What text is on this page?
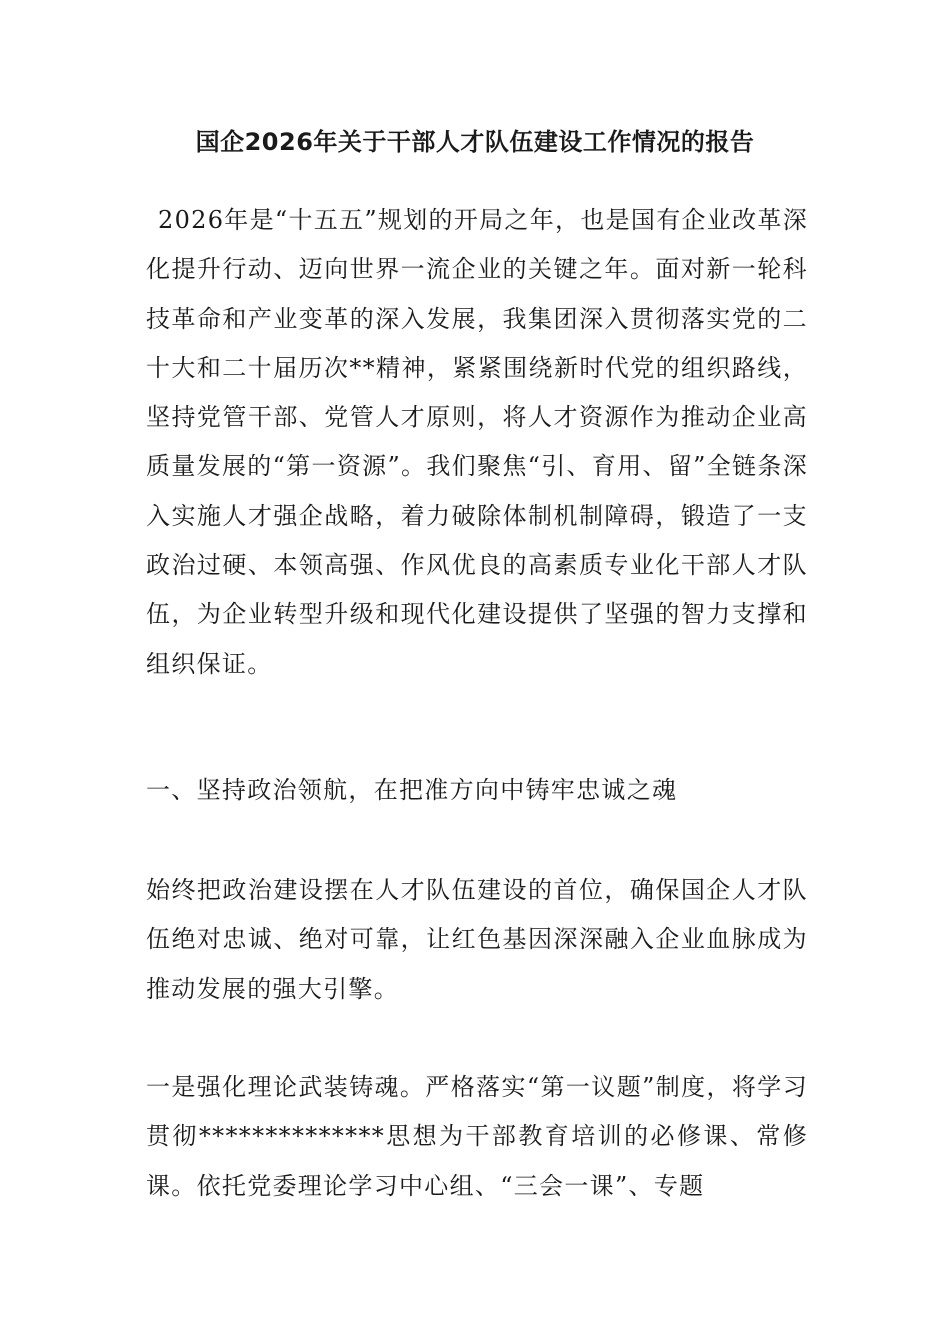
国企2026年关于干部人才队伍建设工作情况的报告

2026年是“十五五”规划的开局之年，也是国有企业改革深化提升行动、迈向世界一流企业的关键之年。面对新一轮科技革命和产业变革的深入发展，我集团深入贯彻落实党的二十大和二十届历次**精神，紧紧围绕新时代党的组织路线，坚持党管干部、党管人才原则，将人才资源作为推动企业高质量发展的“第一资源”。我们聚焦“引、育用、留”全链条深入实施人才强企战略，着力破除体制机制障碍，锻造了一支政治过硬、本领高强、作风优良的高素质专业化干部人才队伍，为企业转型升级和现代化建设提供了坚强的智力支撑和组织保证。

一、坚持政治领航，在把准方向中铸牢忠诚之魂

始终把政治建设摆在人才队伍建设的首位，确保国企人才队伍绝对忠诚、绝对可靠，让红色基因深深融入企业血脉成为推动发展的强大引擎。

一是强化理论武装铸魂。严格落实“第一议题”制度，将学习贯彻**************思想为干部教育培训的必修课、常修课。依托党委理论学习中心组、“三会一课”、专题
